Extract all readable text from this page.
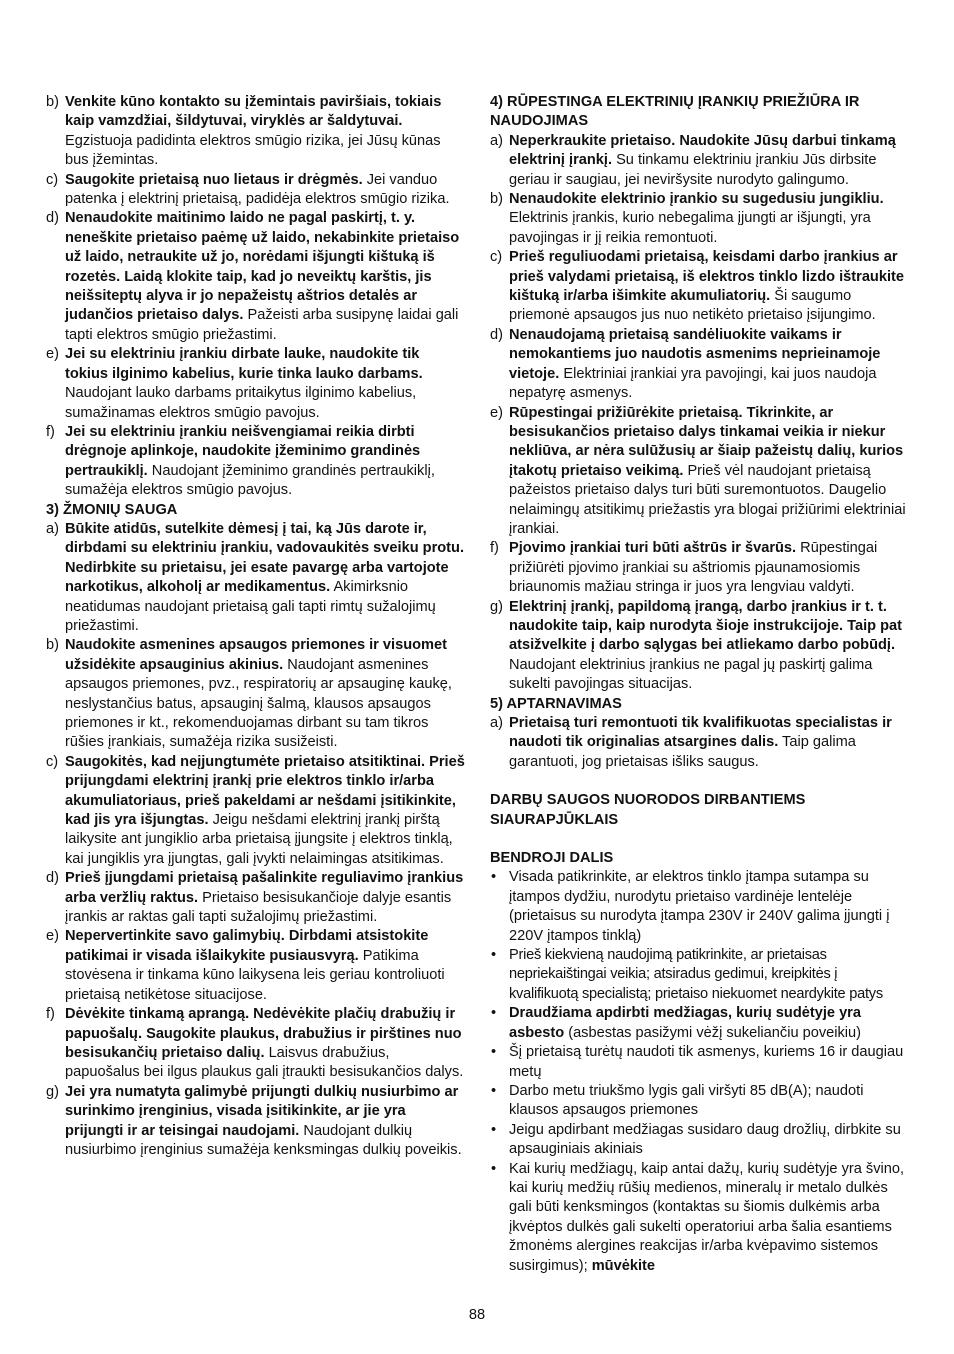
b) Venkite kūno kontakto su įžemintais paviršiais, tokiais kaip vamzdžiai, šildytuvai, viryklės ar šaldytuvai. Egzistuoja padidinta elektros smūgio rizika, jei Jūsų kūnas bus įžemintas.

c) Saugokite prietaisą nuo lietaus ir drėgmės. Jei vanduo patenka į elektrinį prietaisą, padidėja elektros smūgio rizika.

d) Nenaudokite maitinimo laido ne pagal paskirtį, t. y. neneškite prietaiso paėmę už laido, nekabinkite prietaiso už laido, netraukite už jo, norėdami išjungti kištuką iš rozetės. Laidą klokite taip, kad jo neveiktų karštis, jis neišsiteptų alyva ir jo nepažeistų aštrios detalės ar judančios prietaiso dalys. Pažeisti arba susipynę laidai gali tapti elektros smūgio priežastimi.

e) Jei su elektriniu įrankiu dirbate lauke, naudokite tik tokius ilginimo kabelius, kurie tinka lauko darbams. Naudojant lauko darbams pritaikytus ilginimo kabelius, sumažinamas elektros smūgio pavojus.

f) Jei su elektriniu įrankiu neišvengiamai reikia dirbti drėgnoje aplinkoje, naudokite įžeminimo grandinės pertraukiklį. Naudojant įžeminimo grandinės pertraukiklį, sumažėja elektros smūgio pavojus.

3) ŽMONIŲ SAUGA

a) Būkite atidūs, sutelkite dėmesį į tai, ką Jūs darote ir, dirbdami su elektriniu įrankiu, vadovaukitės sveiku protu. Nedirbkite su prietaisu, jei esate pavargę arba vartojote narkotikus, alkoholį ar medikamentus. Akimirksnio neatidumas naudojant prietaisą gali tapti rimtų sužalojimų priežastimi.

b) Naudokite asmenines apsaugos priemones ir visuomet užsidėkite apsauginius akinius. Naudojant asmenines apsaugos priemones, pvz., respiratorių ar apsauginę kaukę, neslystančius batus, apsauginį šalmą, klausos apsaugos priemones ir kt., rekomenduojamas dirbant su tam tikros rūšies įrankiais, sumažėja rizika susižeisti.

c) Saugokitės, kad neįjungtumėte prietaiso atsitiktinai. Prieš prijungdami elektrinį įrankį prie elektros tinklo ir/arba akumuliatoriaus, prieš pakeldami ar nešdami įsitikinkite, kad jis yra išjungtas. Jeigu nešdami elektrinį įrankį pirštą laikysite ant jungiklio arba prietaisą įjungsite į elektros tinklą, kai jungiklis yra įjungtas, gali įvykti nelaimingas atsitikimas.

d) Prieš įjungdami prietaisą pašalinkite reguliavimo įrankius arba veržlių raktus. Prietaiso besisukančioje dalyje esantis įrankis ar raktas gali tapti sužalojimų priežastimi.

e) Nepervertinkite savo galimybių. Dirbdami atsistokite patikimai ir visada išlaikykite pusiausvyrą. Patikima stovėsena ir tinkama kūno laikysena leis geriau kontroliuoti prietaisą netikėtose situacijose.

f) Dėvėkite tinkamą aprangą. Nedėvėkite plačių drabužių ir papuošalų. Saugokite plaukus, drabužius ir pirštines nuo besisukančių prietaiso dalių. Laisvus drabužius, papuošalus bei ilgus plaukus gali įtraukti besisukančios dalys.

g) Jei yra numatyta galimybė prijungti dulkių nusiurbimo ar surinkimo įrenginius, visada įsitikinkite, ar jie yra prijungti ir ar teisingai naudojami. Naudojant dulkių nusiurbimo įrenginius sumažėja kenksmingas dulkių poveikis.

4) RŪPESTINGA ELEKTRINIŲ ĮRANKIŲ PRIEŽIŪRA IR NAUDOJIMAS

a) Neperkraukite prietaiso. Naudokite Jūsų darbui tinkamą elektrinį įrankį. Su tinkamu elektriniu įrankiu Jūs dirbsite geriau ir saugiau, jei neviršysite nurodyto galingumo.

b) Nenaudokite elektrinio įrankio su sugedusiu jungikliu. Elektrinis įrankis, kurio nebegalima įjungti ar išjungti, yra pavojingas ir jį reikia remontuoti.

c) Prieš reguliuodami prietaisą, keisdami darbo įrankius ar prieš valydami prietaisą, iš elektros tinklo lizdo ištraukite kištuką ir/arba išimkite akumuliatorių. Ši saugumo priemonė apsaugos jus nuo netikėto prietaiso įsijungimo.

d) Nenaudojamą prietaisą sandėliuokite vaikams ir nemokantiems juo naudotis asmenims neprieinamoje vietoje. Elektriniai įrankiai yra pavojingi, kai juos naudoja nepatyrę asmenys.

e) Rūpestingai prižiūrėkite prietaisą. Tikrinkite, ar besisukančios prietaiso dalys tinkamai veikia ir niekur nekliūva, ar nėra sulūžusių ar šiaip pažeistų dalių, kurios įtakotų prietaiso veikimą. Prieš vėl naudojant prietaisą pažeistos prietaiso dalys turi būti suremontuotos. Daugelio nelaimingų atsitikimų priežastis yra blogai prižiūrimi elektriniai įrankiai.

f) Pjovimo įrankiai turi būti aštrūs ir švarūs. Rūpestingai prižiūrėti pjovimo įrankiai su aštriomis pjaunamosiomis briaunomis mažiau stringa ir juos yra lengviau valdyti.

g) Elektrinį įrankį, papildomą įrangą, darbo įrankius ir t. t. naudokite taip, kaip nurodyta šioje instrukcijoje. Taip pat atsižvelkite į darbo sąlygas bei atliekamo darbo pobūdį. Naudojant elektrinius įrankius ne pagal jų paskirtį galima sukelti pavojingas situacijas.

5) APTARNAVIMAS

a) Prietaisą turi remontuoti tik kvalifikuotas specialistas ir naudoti tik originalias atsargines dalis. Taip galima garantuoti, jog prietaisas išliks saugus.

DARBŲ SAUGOS NUORODOS DIRBANTIEMS SIAURAPJŪKLAIS

BENDROJI DALIS

• Visada patikrinkite, ar elektros tinklo įtampa sutampa su įtampos dydžiu, nurodytu prietaiso vardinėje lentelėje (prietaisus su nurodyta įtampa 230V ir 240V galima įjungti į 220V įtampos tinklą)

• Prieš kiekvieną naudojimą patikrinkite, ar prietaisas nepriekaištingai veikia; atsiradus gedimui, kreipkitės į kvalifikuotą specialistą; prietaiso niekuomet neardykite patys

• Draudžiama apdirbti medžiagas, kurių sudėtyje yra asbesto (asbestas pasižymi vėžį sukeliančiu poveikiu)

• Šį prietaisą turėtų naudoti tik asmenys, kuriems 16 ir daugiau metų

• Darbo metu triukšmo lygis gali viršyti 85 dB(A); naudoti klausos apsaugos priemones

• Jeigu apdirbant medžiagas susidaro daug drožlių, dirbkite su apsauginiais akiniais

• Kai kurių medžiagų, kaip antai dažų, kurių sudėtyje yra švino, kai kurių medžių rūšių medienos, mineralų ir metalo dulkės gali būti kenksmingos (kontaktas su šiomis dulkėmis arba įkvėptos dulkės gali sukelti operatoriui arba šalia esantiems žmonėms alergines reakcijas ir/arba kvėpavimo sistemos susirgimus); mūvėkite

88
